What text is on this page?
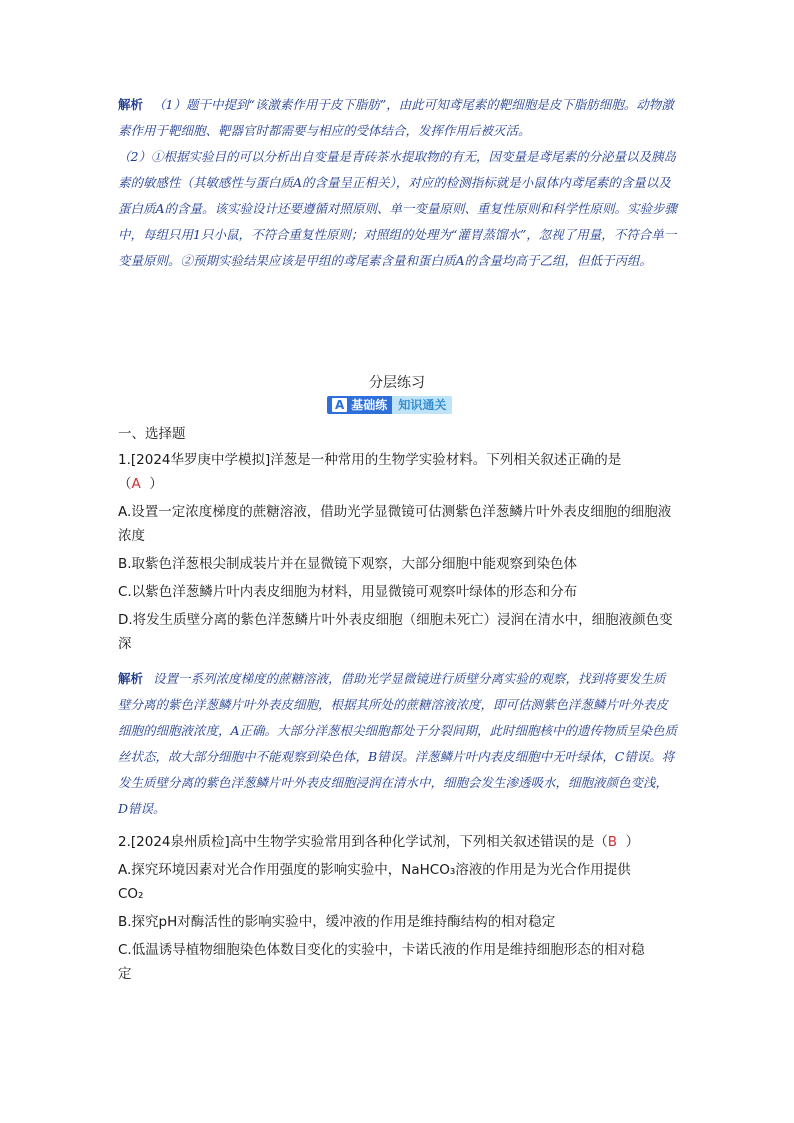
解析 （1）题干中提到“该激素作用于皮下脂肪”，由此可知鸢尾素的靶细胞是皮下脂肪细胞。动物激素作用于靶细胞、靶器官时都需要与相应的受体结合，发挥作用后被灭活。

（2）①根据实验目的可以分析出自变量是青砖茶水提取物的有无，因变量是鸢尾素的分泌量以及胰岛素的敏感性（其敏感性与蛋白质A的含量呈正相关），对应的检测指标就是小鼠体内鸢尾素的含量以及蛋白质A的含量。该实验设计还要遵循对照原则、单一变量原则、重复性原则和科学性原则。实验步骤中，每组只用1只小鼠，不符合重复性原则；对照组的处理为“灌胃蒸馏水”，忽视了用量，不符合单一变量原则。②预期实验结果应该是甲组的鸢尾素含量和蛋白质A的含量均高于乙组，但低于丙组。

分层练习
A 基础练 知识通关
一、选择题

1.[2024华罗庚中学模拟]洋葱是一种常用的生物学实验材料。下列相关叙述正确的是

（A ）

A.设置一定浓度梯度的蔗糖溶液，借助光学显微镜可估测紫色洋葱鳞片叶外表皮细胞的细胞液浓度

B.取紫色洋葱根尖制成装片并在显微镜下观察，大部分细胞中能观察到染色体

C.以紫色洋葱鳞片叶内表皮细胞为材料，用显微镜可观察叶绿体的形态和分布

D.将发生质壁分离的紫色洋葱鳞片叶外表皮细胞（细胞未死亡）浸润在清水中，细胞液颜色变深

解析 设置一系列浓度梯度的蔗糖溶液，借助光学显微镜进行质壁分离实验的观察，找到将要发生质壁分离的紫色洋葱鳞片叶外表皮细胞，根据其所处的蔗糖溶液浓度，即可估测紫色洋葱鳞片叶外表皮细胞的细胞液浓度，A正确。大部分洋葱根尖细胞都处于分裂间期，此时细胞核中的遗传物质呈染色质丝状态，故大部分细胞中不能观察到染色体，B错误。洋葱鳞片叶内表皮细胞中无叶绿体，C错误。将发生质壁分离的紫色洋葱鳞片叶外表皮细胞浸润在清水中，细胞会发生渗透吸水，细胞液颜色变浅，D错误。

2.[2024泉州质检]高中生物学实验常用到各种化学试剂，下列相关叙述错误的是（B ）

A.探究环境因素对光合作用强度的影响实验中，NaHCO₃溶液的作用是为光合作用提供

CO₂

B.探究pH对酶活性的影响实验中，缓冲液的作用是维持酶结构的相对稳定

C.低温诱导植物细胞染色体数目变化的实验中，卡诺氏液的作用是维持细胞形态的相对稳

定
